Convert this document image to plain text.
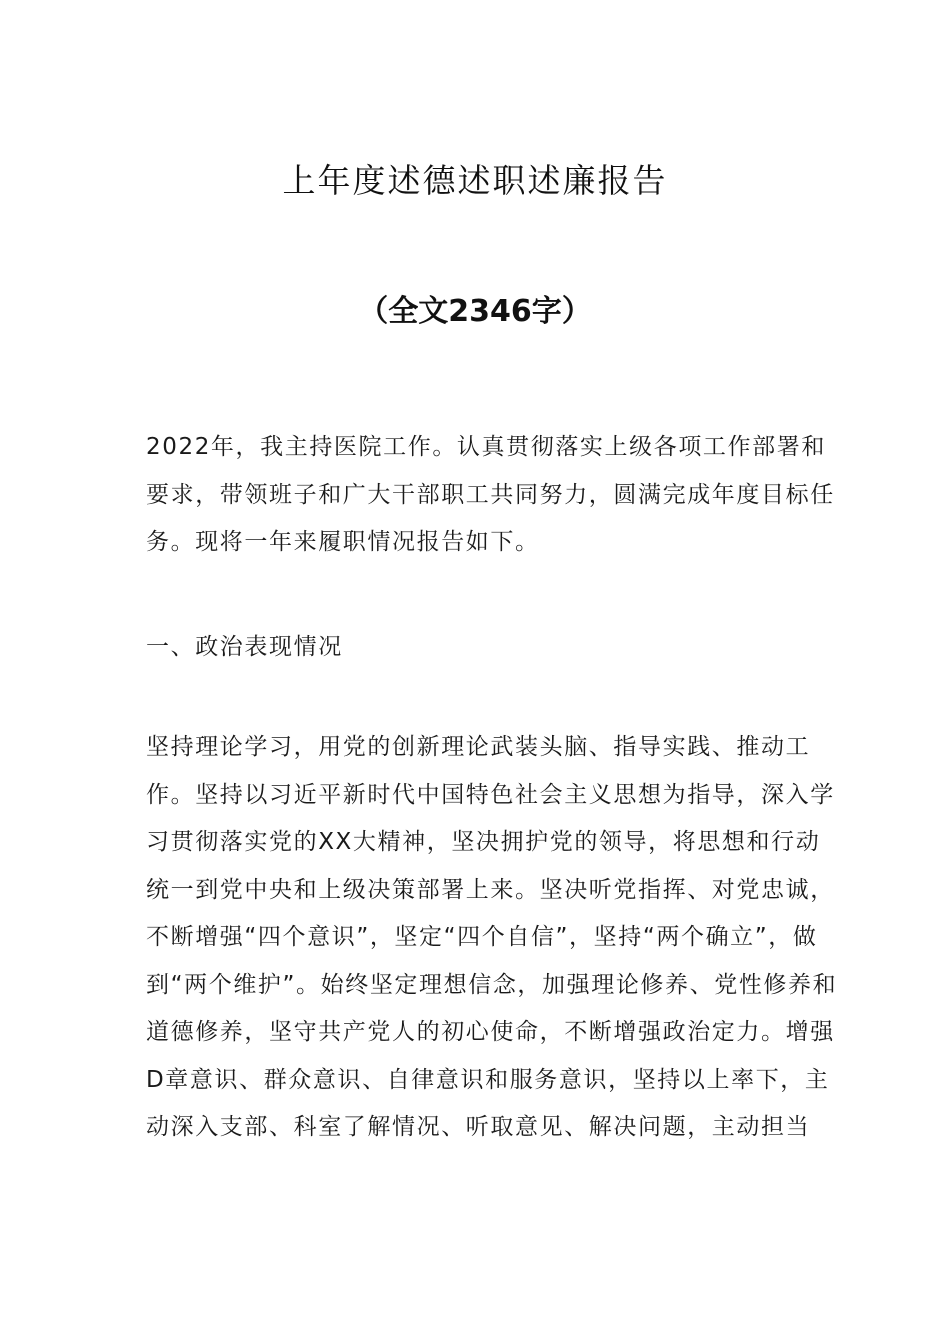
上年度述德述职述廉报告
（全文2346字）

2022年，我主持医院工作。认真贯彻落实上级各项工作部署和要求，带领班子和广大干部职工共同努力，圆满完成年度目标任务。现将一年来履职情况报告如下。

一、政治表现情况

坚持理论学习，用党的创新理论武装头脑、指导实践、推动工作。坚持以习近平新时代中国特色社会主义思想为指导，深入学习贯彻落实党的XX大精神，坚决拥护党的领导，将思想和行动统一到党中央和上级决策部署上来。坚决听党指挥、对党忠诚，不断增强“四个意识”，坚定“四个自信”，坚持“两个确立”，做到“两个维护”。始终坚定理想信念，加强理论修养、党性修养和道德修养，坚守共产党人的初心使命，不断增强政治定力。增强D章意识、群众意识、自律意识和服务意识，坚持以上率下，主动深入支部、科室了解情况、听取意见、解决问题，主动担当
